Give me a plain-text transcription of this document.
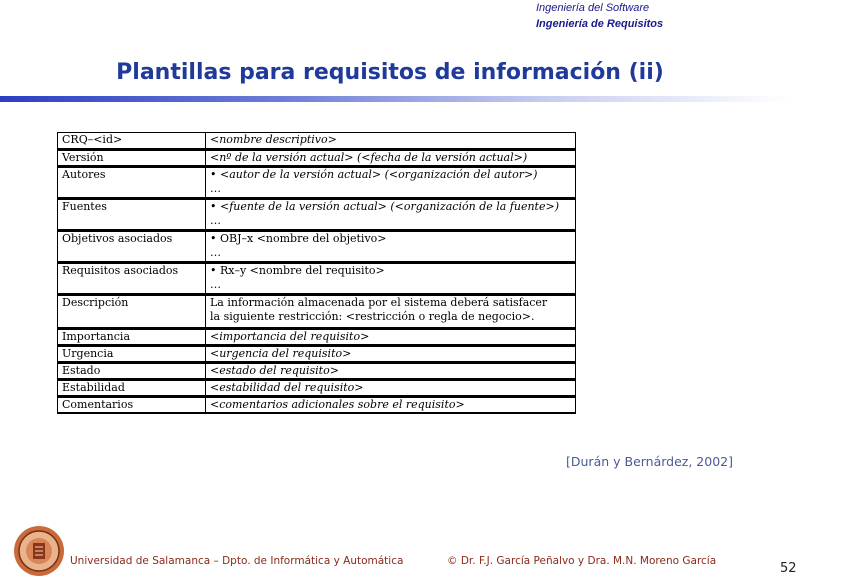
Ingeniería del Software
Ingeniería de Requisitos
Plantillas para requisitos de información (ii)
CRQ–<id>	<nombre descriptivo>
Versión	<nº de la versión actual> (<fecha de la versión actual>)
Autores	• <autor de la versión actual> (<organización del autor>)
…

Fuentes	• <fuente de la versión actual> (<organización de la fuente>)
…

Objetivos asociados	• OBJ–x <nombre del objetivo>
…

Requisitos asociados	• Rx–y <nombre del requisito>
…

Descripción	La información almacenada por el sistema deberá satisfacer
la siguiente restricción: <restricción o regla de negocio>.

Importancia	<importancia del requisito>
Urgencia	<urgencia del requisito>
Estado	<estado del requisito>
Estabilidad	<estabilidad del requisito>
Comentarios	<comentarios adicionales sobre el requisito>
[Durán y Bernárdez, 2002]
Universidad de Salamanca – Dpto. de Informática y Automática	© Dr. F.J. García Peñalvo y Dra. M.N. Moreno García	52
